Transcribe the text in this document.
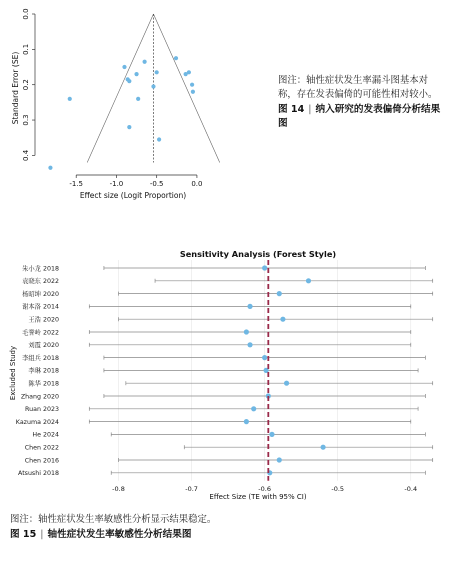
0.0
0.1
0.2
0.3
0.4
-1.5	-1.0	-0.5	0.0
Standard Error (SE)
Effect size (Logit Proportion)

图注：轴性症状发生率漏斗图基本对称，存在发表偏倚的可能性相对较小。

图 14 | 纳入研究的发表偏倚分析结果图

Sensitivity Analysis (Forest Style)
朱小龙 2018
袁晓东 2022
杨昭坤 2020
谢本洛 2014
王浩 2020
毛誉岭 2022
刘霞 2020
李组兵 2018
李琳 2018
陈华 2018
Zhang 2020
Ruan 2023
Kazuma 2024
He 2024
Chen 2022
Chen 2016
Atsushi 2018
-0.8	-0.7	-0.6	-0.5	-0.4
Excluded Study
Effect Size (TE with 95% CI)

图注：轴性症状发生率敏感性分析显示结果稳定。

图 15 | 轴性症状发生率敏感性分析结果图
